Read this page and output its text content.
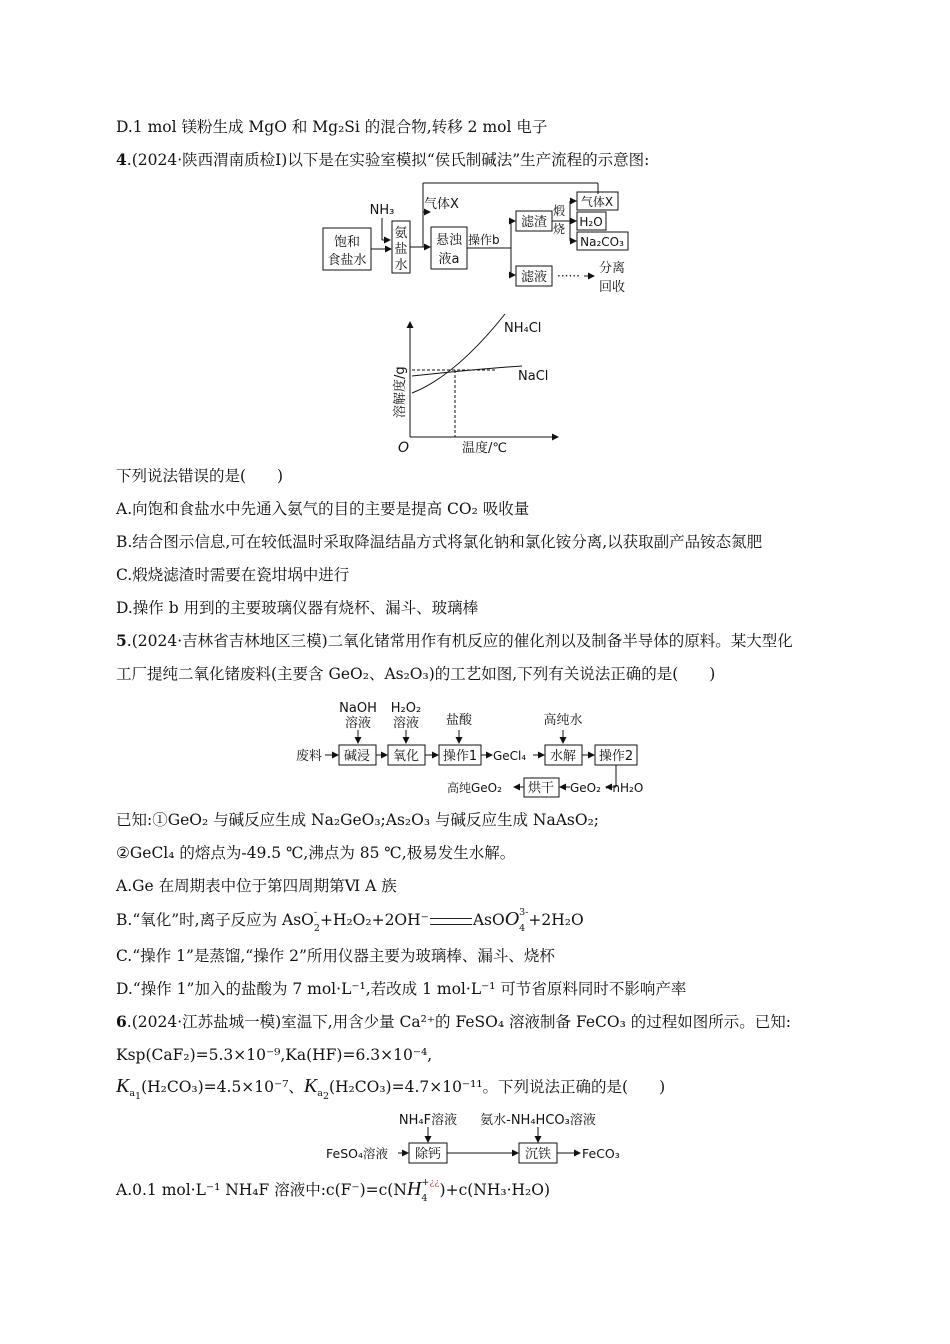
D.1 mol 镁粉生成 MgO 和 Mg₂Si 的混合物,转移 2 mol 电子
4.(2024·陕西渭南质检Ⅰ)以下是在实验室模拟“侯氏制碱法”生产流程的示意图:
饱和
食盐水
NH₃
氨
盐
水
气体X
悬浊
液a
操作b
滤渣
煅
烧
气体X
H₂O
Na₂CO₃
滤液 ······ 分离
回收
NH₄Cl
NaCl
温度/℃
O
溶解度/g
下列说法错误的是(　　)
A.向饱和食盐水中先通入氨气的目的主要是提高 CO₂ 吸收量
B.结合图示信息,可在较低温时采取降温结晶方式将氯化钠和氯化铵分离,以获取副产品铵态氮肥
C.煅烧滤渣时需要在瓷坩埚中进行
D.操作 b 用到的主要玻璃仪器有烧杯、漏斗、玻璃棒
5.(2024·吉林省吉林地区三模)二氧化锗常用作有机反应的催化剂以及制备半导体的原料。某大型化
工厂提纯二氧化锗废料(主要含 GeO₂、As₂O₃)的工艺如图,下列有关说法正确的是(　　)
NaOH
溶液
H₂O₂
溶液 盐酸	高纯水
废料 碱浸 氧化 操作1 GeCl₄ 水解 操作2
高纯GeO₂ 烘干 GeO₂ · nH₂O
已知:①GeO₂ 与碱反应生成 Na₂GeO₃;As₂O₃ 与碱反应生成 NaAsO₂;
②GeCl₄ 的熔点为-49.5 ℃,沸点为 85 ℃,极易发生水解。
A.Ge 在周期表中位于第四周期第Ⅵ A 族
B.“氧化”时,离子反应为 AsO-
$_2$+H₂O₂+2OH⁻	AsOO$^{3-}$
$_4$ +2H₂O
C.“操作 1”是蒸馏,“操作 2”所用仪器主要为玻璃棒、漏斗、烧杯
D.“操作 1”加入的盐酸为 7 mol·L⁻¹,若改成 1 mol·L⁻¹ 可节省原料同时不影响产率
6.(2024·江苏盐城一模)室温下,用含少量 Ca²⁺的 FeSO₄ 溶液制备 FeCO₃ 的过程如图所示。已知:
Ksp(CaF₂)=5.3×10⁻⁹,Ka(HF)=6.3×10⁻⁴,
$K_{a_1}(H_2CO_3)=4.5\times 10^{-7}$、$K_{a_2}(H_2CO_3)=4.7\times 10^{-11}$。下列说法正确的是(　　)
NH₄F溶液 氨水-NH₄HCO₃溶液
FeSO₄溶液 除钙	沉铁 FeCO₃
A.0.1 mol·L⁻¹ NH₄F 溶液中:c(F⁻)=c(NH+¿¿
$_4$ )+c(NH₃·H₂O)
